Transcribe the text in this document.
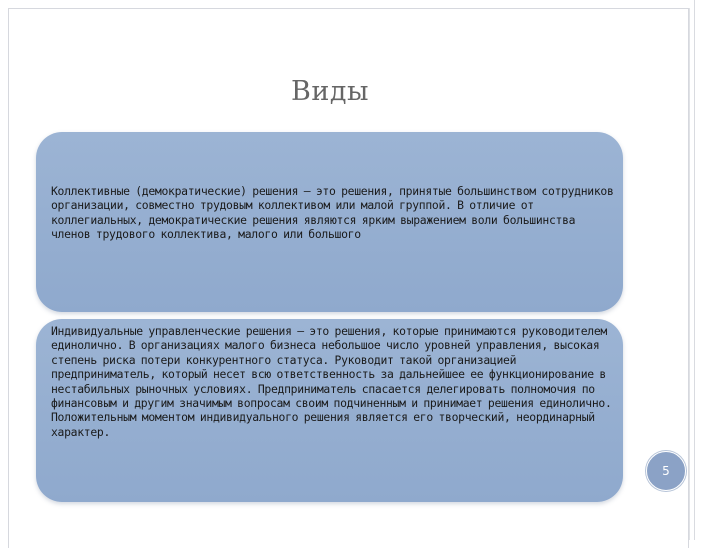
Виды
Коллективные (демократические) решения — это решения, принятые большинством сотрудников организации, совместно трудовым коллективом или малой группой. В отличие от коллегиальных, демократические решения являются ярким выражением воли большинства членов трудового коллектива, малого или большого
Индивидуальные управленческие решения — это решения, которые принимаются руководителем единолично. В организациях малого бизнеса небольшое число уровней управления, высокая степень риска потери конкурентного статуса. Руководит такой организацией предприниматель, который несет всю ответственность за дальнейшее ее функционирование в нестабильных рыночных условиях. Предприниматель спасается делегировать полномочия по финансовым и другим значимым вопросам своим подчиненным и принимает решения единолично. Положительным моментом индивидуального решения является его творческий, неординарный характер.
5
